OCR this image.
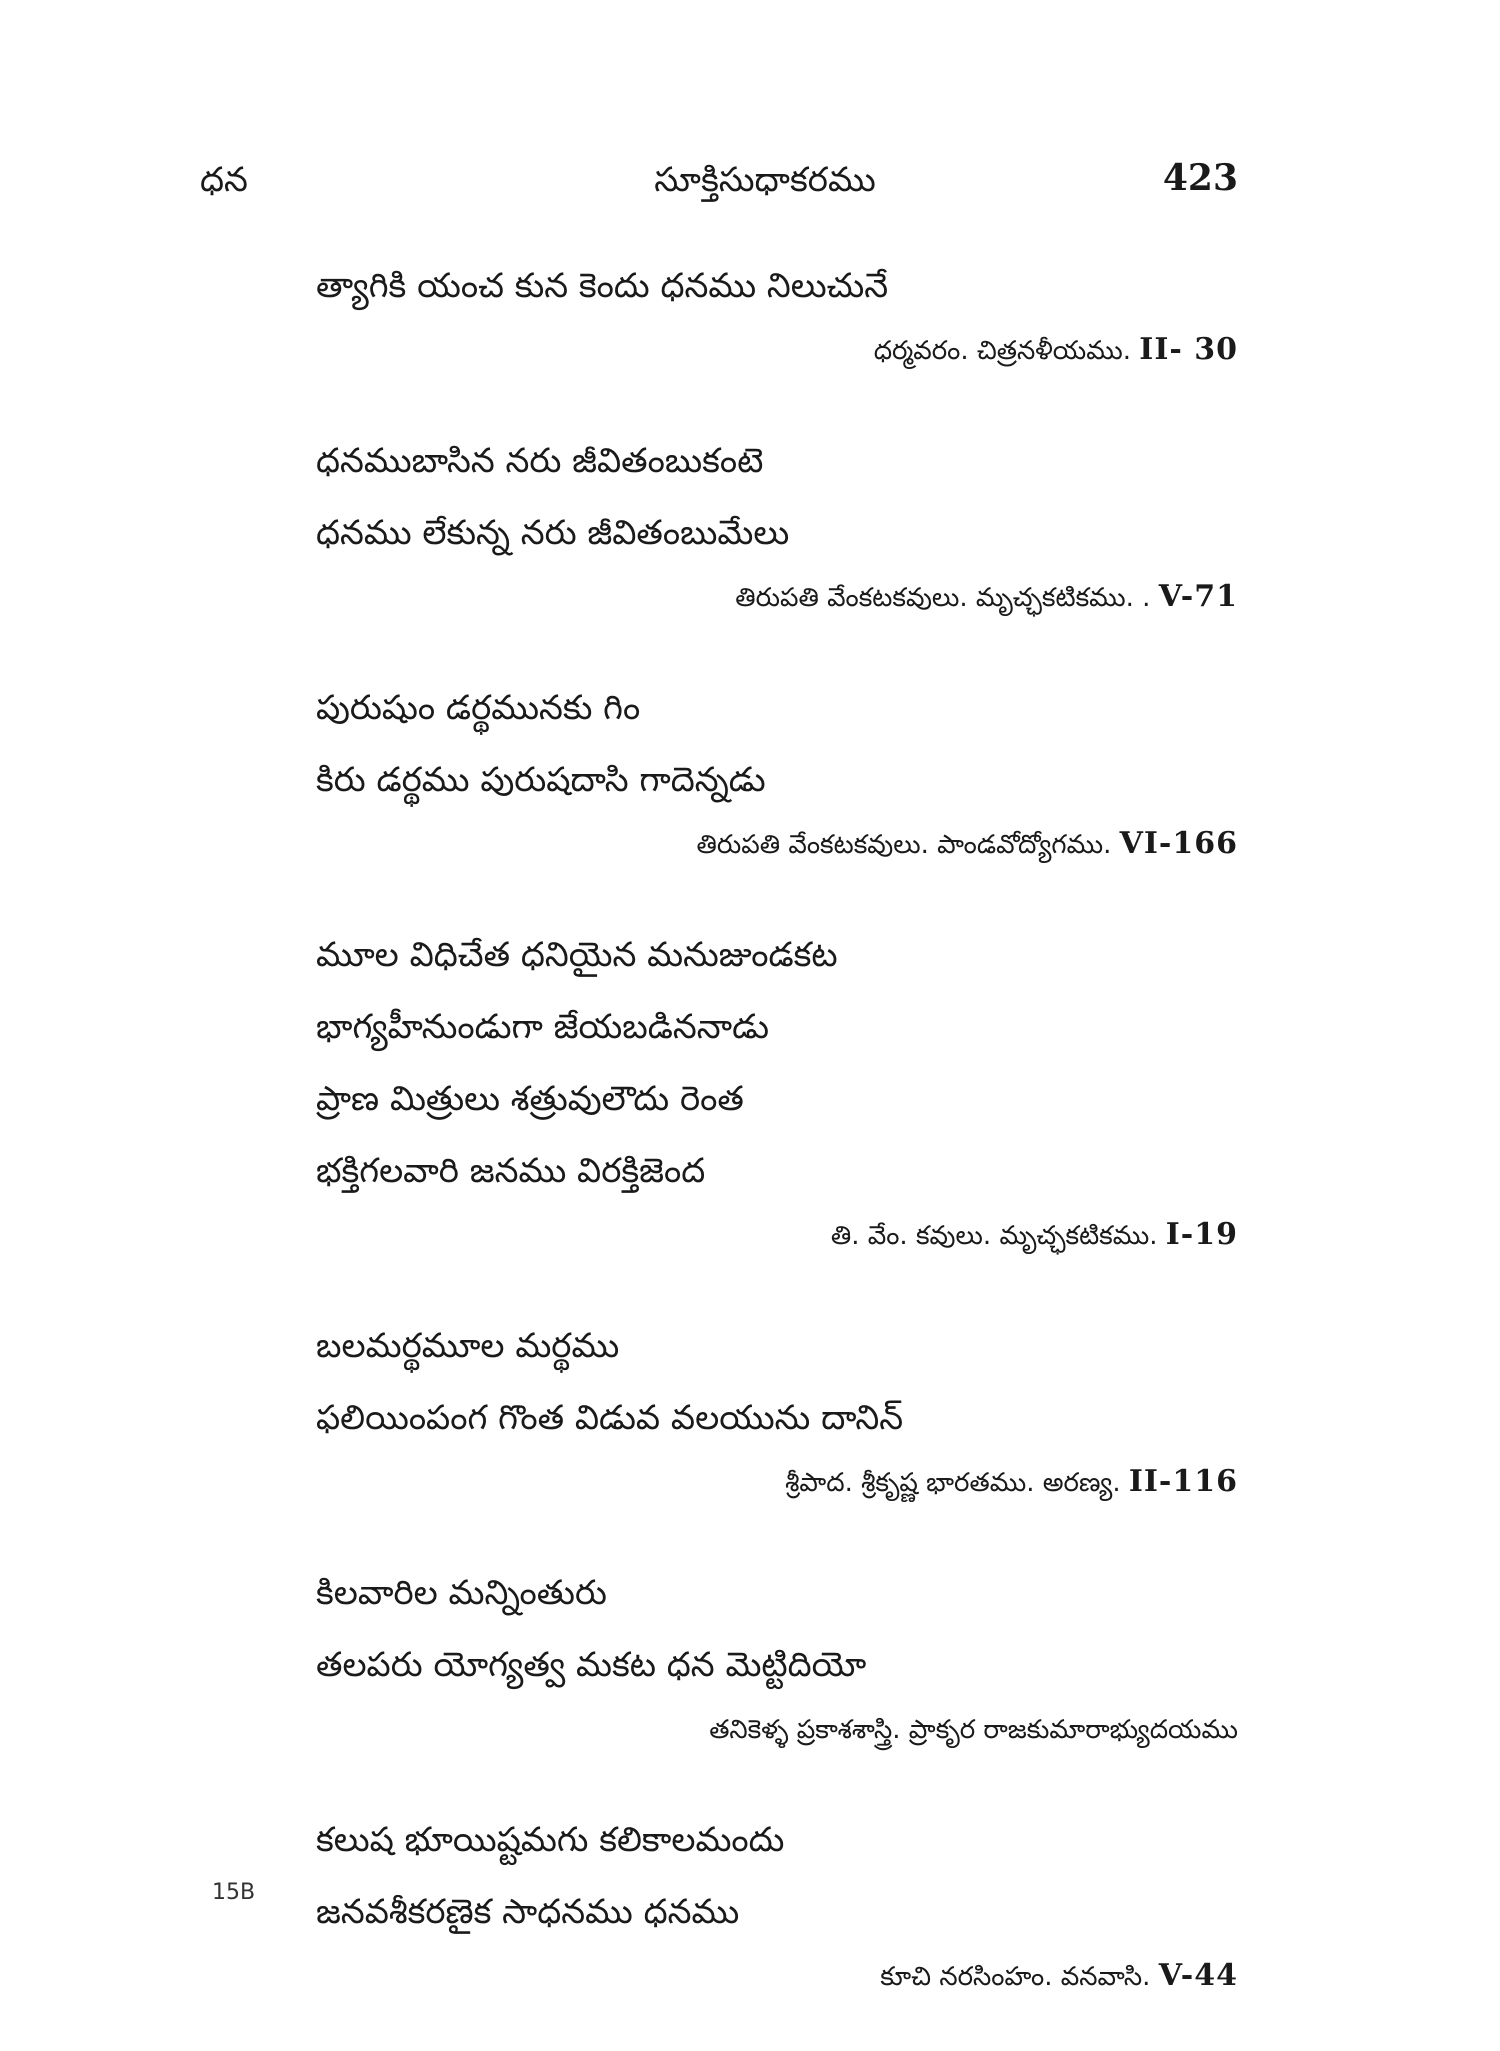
ధన	సూక్తిసుధాకరము	423
త్యాగికి యంచ కున కెందు ధనము నిలుచునే
ధర్మవరం. చిత్రనళీయము. II- 30
ధనముబాసిన నరు జీవితంబుకంటె
ధనము లేకున్న నరు జీవితంబుమేలు
తిరుపతి వేంకటకవులు. మృచ్ఛకటికము. . V-71
పురుషుం డర్థమునకు గిం
కిరు డర్థము పురుషదాసి గాదెన్నడు
తిరుపతి వేంకటకవులు. పాండవోద్యోగము. VI-166
మూల విధిచేత ధనియైన మనుజుండకట
భాగ్యహీనుండుగా జేయబడిననాడు
ప్రాణ మిత్రులు శత్రువులౌదు రెంత
భక్తిగలవారి జనము విరక్తిజెంద
తి. వేం. కవులు. మృచ్ఛకటికము. I-19
బలమర్థమూల మర్థము
ఫలియింపంగ గొంత విడువ వలయును దానిన్
శ్రీపాద. శ్రీకృష్ణ భారతము. అరణ్య. II-116
కిలవారిల మన్నింతురు
తలపరు యోగ్యత్వ మకట ధన మెట్టిదియో
తనికెళ్ళ ప్రకాశశాస్త్రి. ప్రాకృర రాజకుమారాభ్యుదయము
కలుష భూయిష్టమగు కలికాలమందు
జనవశీకరణైక సాధనము ధనము
కూచి నరసింహం. వనవాసి. V-44
15B
